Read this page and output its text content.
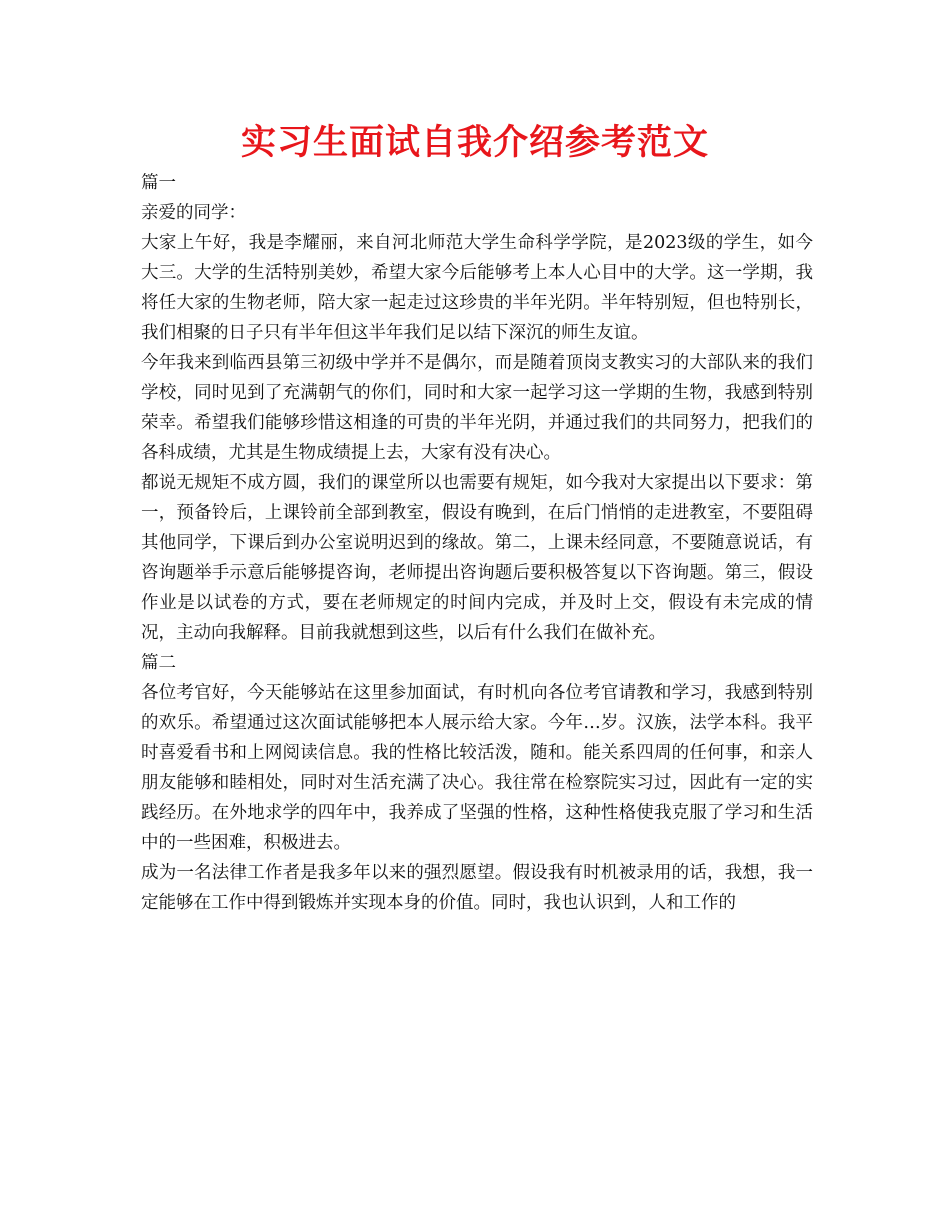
实习生面试自我介绍参考范文

篇一

亲爱的同学：

大家上午好，我是李耀丽，来自河北师范大学生命科学学院，是2023级的学生，如今大三。大学的生活特别美妙，希望大家今后能够考上本人心目中的大学。这一学期，我将任大家的生物老师，陪大家一起走过这珍贵的半年光阴。半年特别短，但也特别长，我们相聚的日子只有半年但这半年我们足以结下深沉的师生友谊。

今年我来到临西县第三初级中学并不是偶尔，而是随着顶岗支教实习的大部队来的我们学校，同时见到了充满朝气的你们，同时和大家一起学习这一学期的生物，我感到特别荣幸。希望我们能够珍惜这相逢的可贵的半年光阴，并通过我们的共同努力，把我们的各科成绩，尤其是生物成绩提上去，大家有没有决心。

都说无规矩不成方圆，我们的课堂所以也需要有规矩，如今我对大家提出以下要求：第一，预备铃后，上课铃前全部到教室，假设有晚到，在后门悄悄的走进教室，不要阻碍其他同学，下课后到办公室说明迟到的缘故。第二，上课未经同意，不要随意说话，有咨询题举手示意后能够提咨询，老师提出咨询题后要积极答复以下咨询题。第三，假设作业是以试卷的方式，要在老师规定的时间内完成，并及时上交，假设有未完成的情况，主动向我解释。目前我就想到这些，以后有什么我们在做补充。

篇二

各位考官好，今天能够站在这里参加面试，有时机向各位考官请教和学习，我感到特别的欢乐。希望通过这次面试能够把本人展示给大家。今年…岁。汉族，法学本科。我平时喜爱看书和上网阅读信息。我的性格比较活泼，随和。能关系四周的任何事，和亲人朋友能够和睦相处，同时对生活充满了决心。我往常在检察院实习过，因此有一定的实践经历。在外地求学的四年中，我养成了坚强的性格，这种性格使我克服了学习和生活中的一些困难，积极进去。

成为一名法律工作者是我多年以来的强烈愿望。假设我有时机被录用的话，我想，我一定能够在工作中得到锻炼并实现本身的价值。同时，我也认识到，人和工作的
